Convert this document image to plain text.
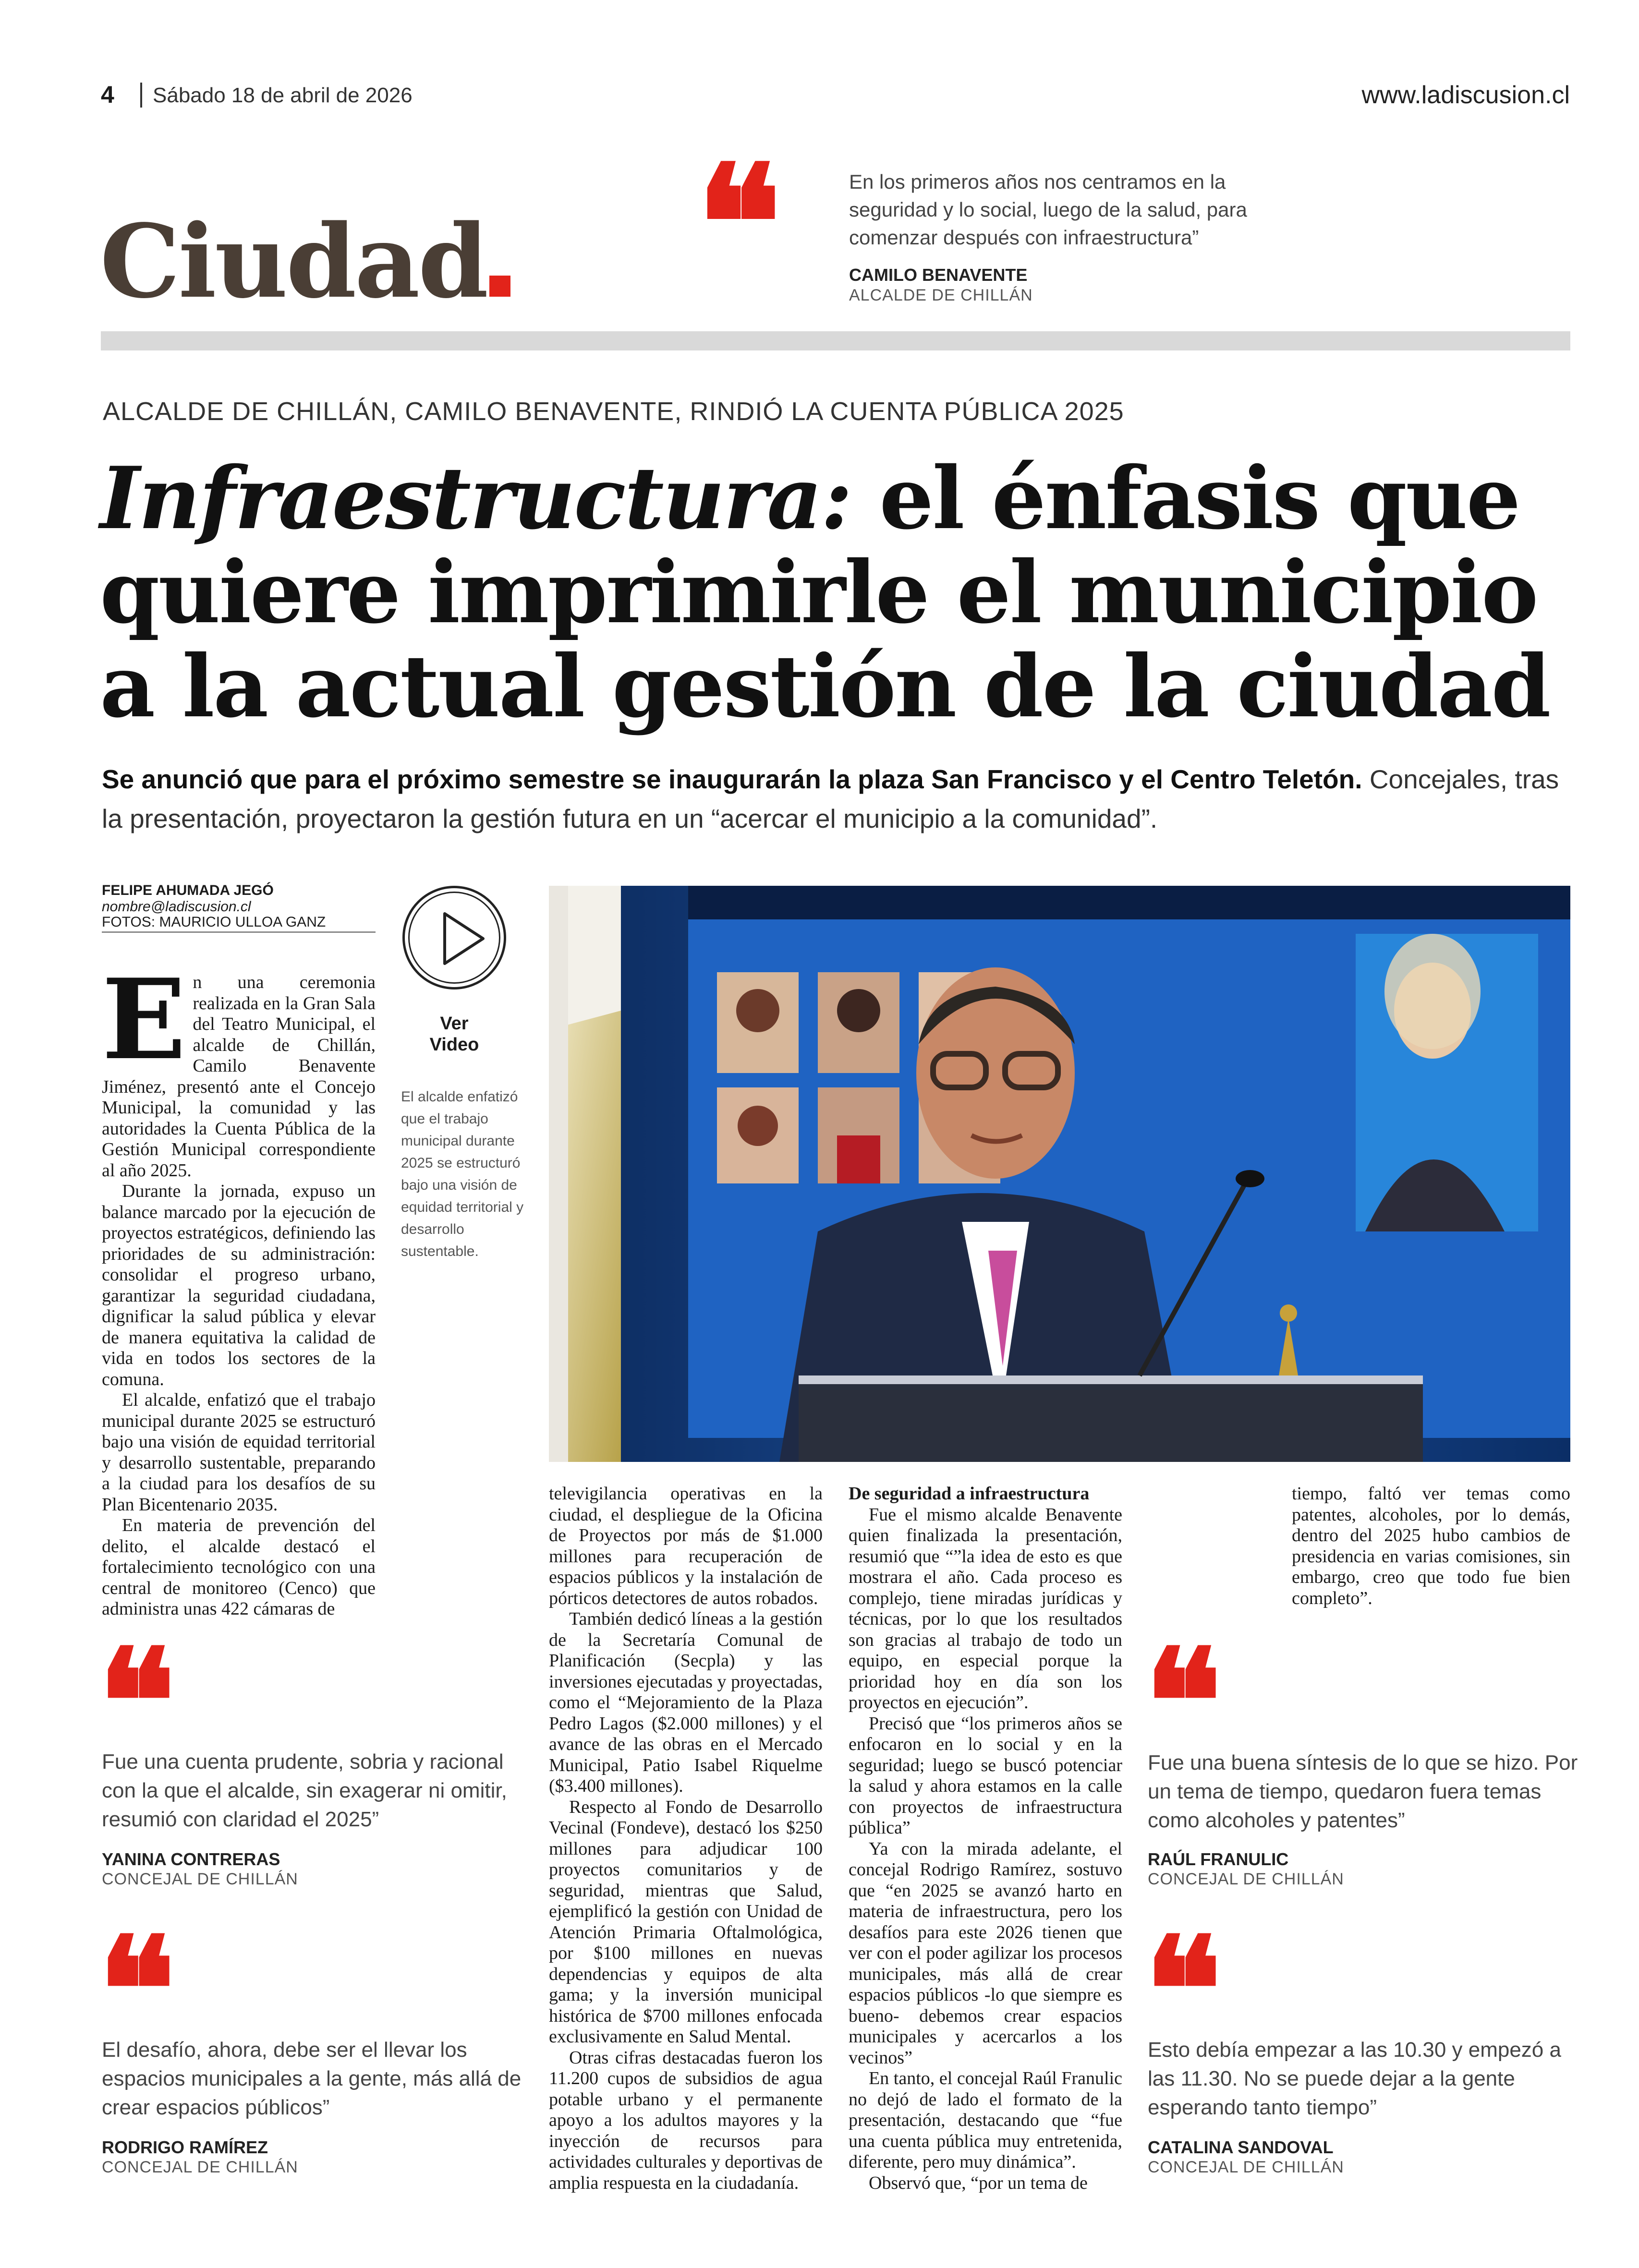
4 Sábado 18 de abril de 2026	www.ladiscusion.cl
Ciudad ❝	En los primeros años nos centramos en la seguridad y lo social, luego de la salud, para comenzar después con infraestructura”
CAMILO BENAVENTE
ALCALDE DE CHILLÁN
ALCALDE DE CHILLÁN, CAMILO BENAVENTE, RINDIÓ LA CUENTA PÚBLICA 2025
Infraestructura: el énfasis que quiere imprimirle el municipio a la actual gestión de la ciudad
Se anunció que para el próximo semestre se inaugurarán la plaza San Francisco y el Centro Teletón. Concejales, tras la presentación, proyectaron la gestión futura en un “acercar el municipio a la comunidad”.
FELIPE AHUMADA JEGÓ
nombre@ladiscusion.cl
FOTOS: MAURICIO ULLOA GANZ
Ver
Video
El alcalde enfatizó que el trabajo municipal durante 2025 se estructuró bajo una visión de equidad territorial y desarrollo sustentable.
E n una ceremonia realizada en la Gran Sala del Teatro Municipal, el alcalde de Chillán, Camilo Benavente Jiménez, presentó ante el Concejo Municipal, la comunidad y las autoridades la Cuenta Pública de la Gestión Municipal correspondiente al año 2025.

Durante la jornada, expuso un balance marcado por la ejecución de proyectos estratégicos, definiendo las prioridades de su administración: consolidar el progreso urbano, garantizar la seguridad ciudadana, dignificar la salud pública y elevar de manera equitativa la calidad de vida en todos los sectores de la comuna.

El alcalde, enfatizó que el trabajo municipal durante 2025 se estructuró bajo una visión de equidad territorial y desarrollo sustentable, preparando a la ciudad para los desafíos de su Plan Bicentenario 2035.

En materia de prevención del delito, el alcalde destacó el fortalecimiento tecnológico con una central de monitoreo (Cenco) que administra unas 422 cámaras de

televigilancia operativas en la ciudad, el despliegue de la Oficina de Proyectos por más de $1.000 millones para recuperación de espacios públicos y la instalación de pórticos detectores de autos robados.

También dedicó líneas a la gestión de la Secretaría Comunal de Planificación (Secpla) y las inversiones ejecutadas y proyectadas, como el “Mejoramiento de la Plaza Pedro Lagos ($2.000 millones) y el avance de las obras en el Mercado Municipal, Patio Isabel Riquelme ($3.400 millones).

Respecto al Fondo de Desarrollo Vecinal (Fondeve), destacó los $250 millones para adjudicar 100 proyectos comunitarios y de seguridad, mientras que Salud, ejemplificó la gestión con Unidad de Atención Primaria Oftalmológica, por $100 millones en nuevas dependencias y equipos de alta gama; y la inversión municipal histórica de $700 millones enfocada exclusivamente en Salud Mental.

Otras cifras destacadas fueron los 11.200 cupos de subsidios de agua potable urbano y el permanente apoyo a los adultos mayores y la inyección de recursos para actividades culturales y deportivas de amplia respuesta en la ciudadanía.

De seguridad a infraestructura

Fue el mismo alcalde Benavente quien finalizada la presentación, resumió que “”la idea de esto es que mostrara el año. Cada proceso es complejo, tiene miradas jurídicas y técnicas, por lo que los resultados son gracias al trabajo de todo un equipo, en especial porque la prioridad hoy en día son los proyectos en ejecución”.

Precisó que “los primeros años se enfocaron en lo social y en la seguridad; luego se buscó potenciar la salud y ahora estamos en la calle con proyectos de infraestructura pública”

Ya con la mirada adelante, el concejal Rodrigo Ramírez, sostuvo que “en 2025 se avanzó harto en materia de infraestructura, pero los desafíos para este 2026 tienen que ver con el poder agilizar los procesos municipales, más allá de crear espacios públicos -lo que siempre es bueno- debemos crear espacios municipales y acercarlos a los vecinos”

En tanto, el concejal Raúl Franulic no dejó de lado el formato de la presentación, destacando que “fue una cuenta pública muy entretenida, diferente, pero muy dinámica”.

Observó que, “por un tema de

tiempo, faltó ver temas como patentes, alcoholes, por lo demás, dentro del 2025 hubo cambios de presidencia en varias comisiones, sin embargo, creo que todo fue bien completo”.

❝
Fue una cuenta prudente, sobria y racional con la que el alcalde, sin exagerar ni omitir, resumió con claridad el 2025”
YANINA CONTRERAS
CONCEJAL DE CHILLÁN
❝
El desafío, ahora, debe ser el llevar los espacios municipales a la gente, más allá de crear espacios públicos”
RODRIGO RAMÍREZ
CONCEJAL DE CHILLÁN
❝
Fue una buena síntesis de lo que se hizo. Por un tema de tiempo, quedaron fuera temas como alcoholes y patentes”
RAÚL FRANULIC
CONCEJAL DE CHILLÁN
❝
Esto debía empezar a las 10.30 y empezó a las 11.30. No se puede dejar a la gente esperando tanto tiempo”
CATALINA SANDOVAL
CONCEJAL DE CHILLÁN
